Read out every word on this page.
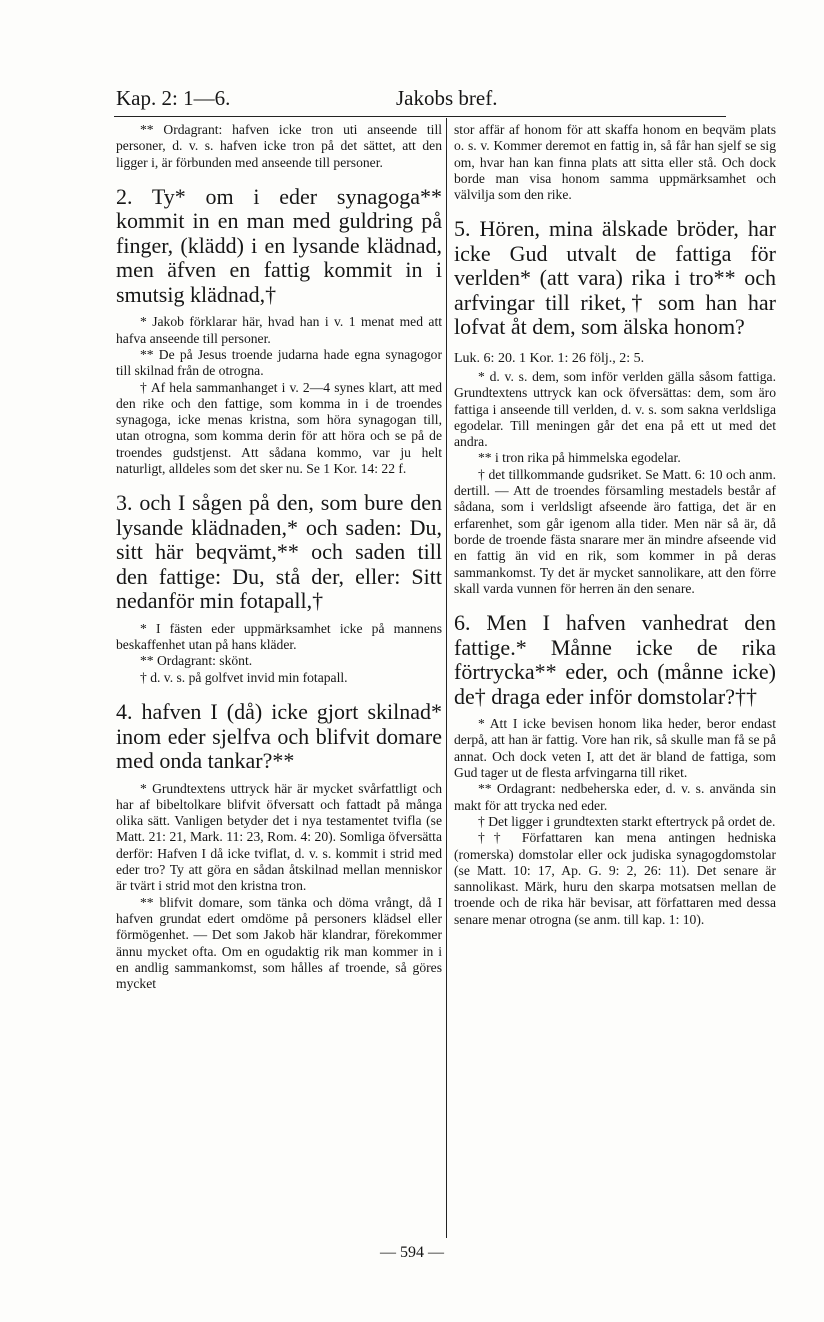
Kap. 2: 1—6.	Jakobs bref.

** Ordagrant: hafven icke tron uti anseende till personer, d. v. s. hafven icke tron på det sättet, att den ligger i, är förbunden med anseende till personer.

2. Ty* om i eder synagoga** kommit in en man med guldring på finger, (klädd) i en lysande klädnad, men äfven en fattig kommit in i smutsig klädnad,†

* Jakob förklarar här, hvad han i v. 1 menat med att hafva anseende till personer.

** De på Jesus troende judarna hade egna synagogor till skilnad från de otrogna.

† Af hela sammanhanget i v. 2—4 synes klart, att med den rike och den fattige, som komma in i de troendes synagoga, icke menas kristna, som höra synagogan till, utan otrogna, som komma derin för att höra och se på de troendes gudstjenst. Att sådana kommo, var ju helt naturligt, alldeles som det sker nu. Se 1 Kor. 14: 22 f.

3. och I sågen på den, som bure den lysande klädnaden,* och saden: Du, sitt här beqvämt,** och saden till den fattige: Du, stå der, eller: Sitt nedanför min fotapall,†

* I fästen eder uppmärksamhet icke på mannens beskaffenhet utan på hans kläder.

** Ordagrant: skönt.

† d. v. s. på golfvet invid min fotapall.

4. hafven I (då) icke gjort skilnad* inom eder sjelfva och blifvit domare med onda tankar?**

* Grundtextens uttryck här är mycket svårfattligt och har af bibeltolkare blifvit öfversatt och fattadt på många olika sätt. Vanligen betyder det i nya testamentet tvifla (se Matt. 21: 21, Mark. 11: 23, Rom. 4: 20). Somliga öfversätta derför: Hafven I då icke tviflat, d. v. s. kommit i strid med eder tro? Ty att göra en sådan åtskilnad mellan menniskor är tvärt i strid mot den kristna tron.

** blifvit domare, som tänka och döma vrångt, då I hafven grundat edert omdöme på personers klädsel eller förmögenhet. — Det som Jakob här klandrar, förekommer ännu mycket ofta. Om en ogudaktig rik man kommer in i en andlig sammankomst, som hålles af troende, så göres mycket

stor affär af honom för att skaffa honom en beqväm plats o. s. v. Kommer deremot en fattig in, så får han sjelf se sig om, hvar han kan finna plats att sitta eller stå. Och dock borde man visa honom samma uppmärksamhet och välvilja som den rike.

5. Hören, mina älskade bröder, har icke Gud utvalt de fattiga för verlden* (att vara) rika i tro** och arfvingar till riket,† som han har lofvat åt dem, som älska honom?

Luk. 6: 20. 1 Kor. 1: 26 följ., 2: 5.

* d. v. s. dem, som inför verlden gälla såsom fattiga. Grundtextens uttryck kan ock öfversättas: dem, som äro fattiga i anseende till verlden, d. v. s. som sakna verldsliga egodelar. Till meningen går det ena på ett ut med det andra.

** i tron rika på himmelska egodelar.

† det tillkommande gudsriket. Se Matt. 6: 10 och anm. dertill. — Att de troendes församling mestadels består af sådana, som i verldsligt afseende äro fattiga, det är en erfarenhet, som går igenom alla tider. Men när så är, då borde de troende fästa snarare mer än mindre afseende vid en fattig än vid en rik, som kommer in på deras sammankomst. Ty det är mycket sannolikare, att den förre skall varda vunnen för herren än den senare.

6. Men I hafven vanhedrat den fattige.* Månne icke de rika förtrycka** eder, och (månne icke) de† draga eder inför domstolar?††

* Att I icke bevisen honom lika heder, beror endast derpå, att han är fattig. Vore han rik, så skulle man få se på annat. Och dock veten I, att det är bland de fattiga, som Gud tager ut de flesta arfvingarna till riket.

** Ordagrant: nedbeherska eder, d. v. s. använda sin makt för att trycka ned eder.

† Det ligger i grundtexten starkt eftertryck på ordet de.

†† Författaren kan mena antingen hedniska (romerska) domstolar eller ock judiska synagogdomstolar (se Matt. 10: 17, Ap. G. 9: 2, 26: 11). Det senare är sannolikast. Märk, huru den skarpa motsatsen mellan de troende och de rika här bevisar, att författaren med dessa senare menar otrogna (se anm. till kap. 1: 10).

— 594 —
